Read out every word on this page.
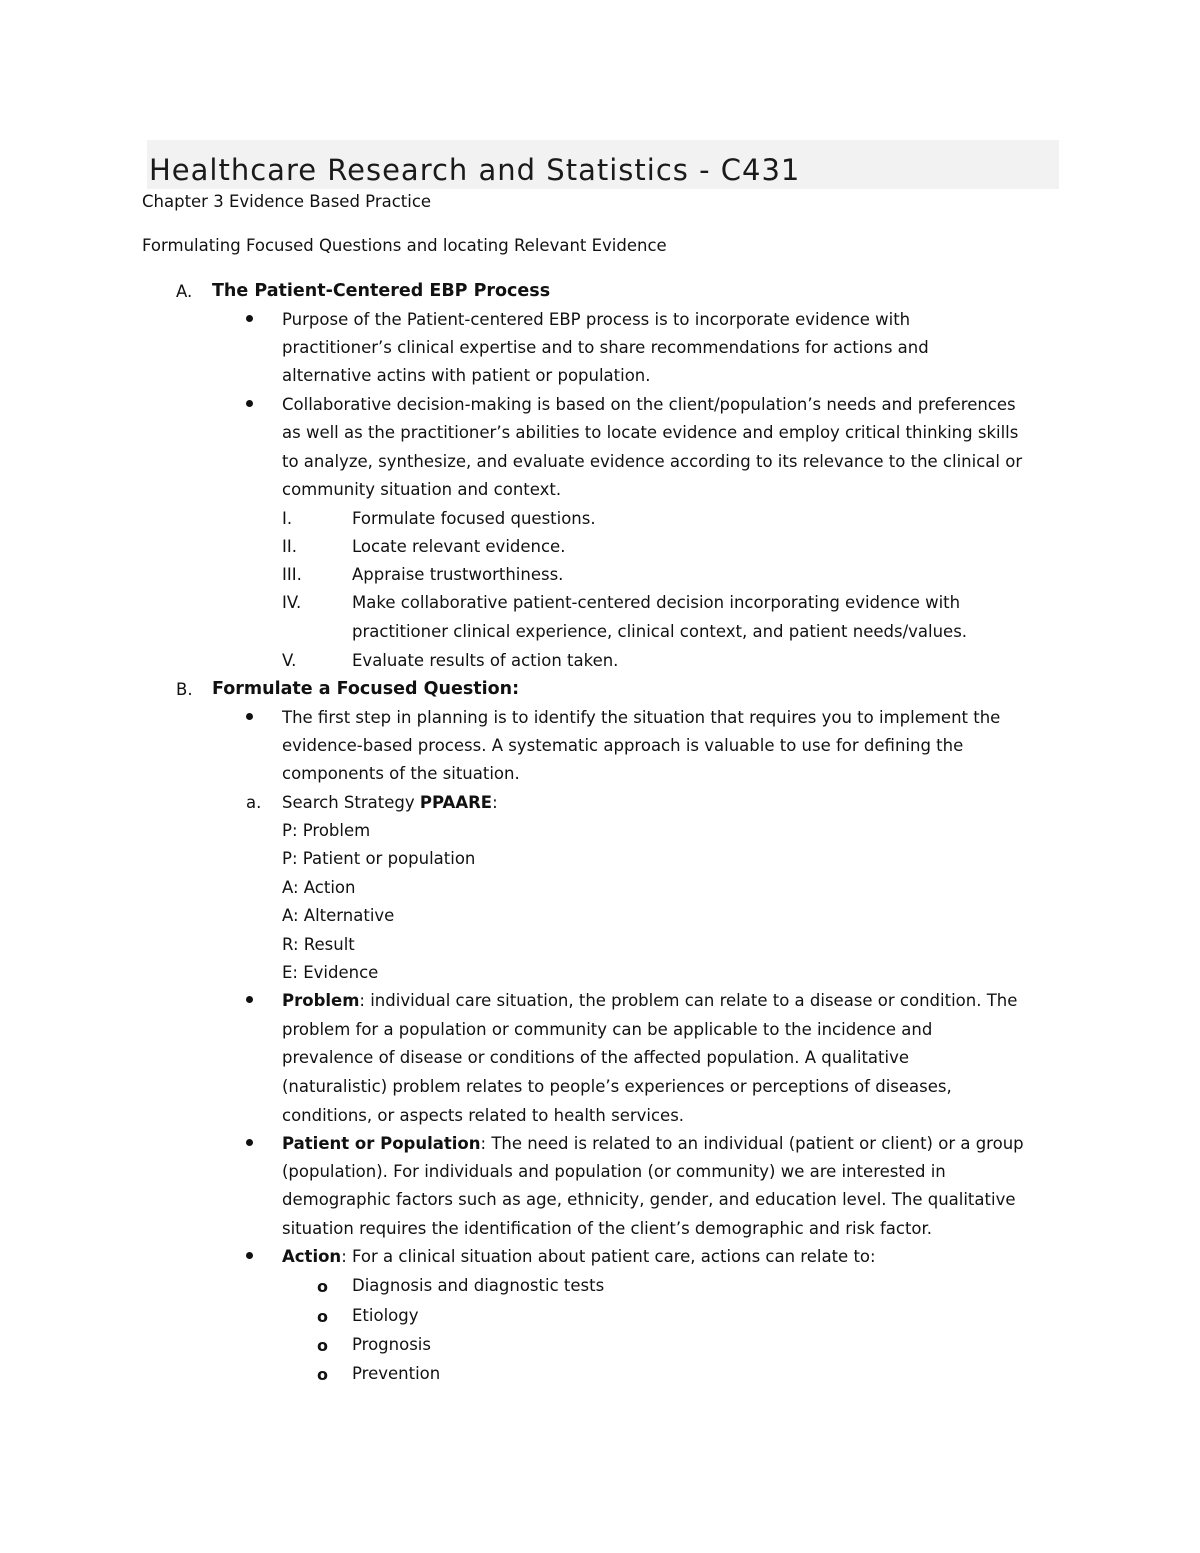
Healthcare Research and Statistics - C431
Chapter 3 Evidence Based Practice
Formulating Focused Questions and locating Relevant Evidence
A. The Patient-Centered EBP Process
Purpose of the Patient-centered EBP process is to incorporate evidence with
practitioner’s clinical expertise and to share recommendations for actions and
alternative actins with patient or population.
Collaborative decision-making is based on the client/population’s needs and preferences
as well as the practitioner’s abilities to locate evidence and employ critical thinking skills
to analyze, synthesize, and evaluate evidence according to its relevance to the clinical or
community situation and context.
I.	Formulate focused questions.
II.	Locate relevant evidence.
III.	Appraise trustworthiness.
IV.	Make collaborative patient-centered decision incorporating evidence with
practitioner clinical experience, clinical context, and patient needs/values.
V.	Evaluate results of action taken.
B. Formulate a Focused Question:
The first step in planning is to identify the situation that requires you to implement the
evidence-based process. A systematic approach is valuable to use for defining the
components of the situation.
a. Search Strategy PPAARE:
P: Problem
P: Patient or population
A: Action
A: Alternative
R: Result
E: Evidence
Problem: individual care situation, the problem can relate to a disease or condition. The
problem for a population or community can be applicable to the incidence and
prevalence of disease or conditions of the affected population. A qualitative
(naturalistic) problem relates to people’s experiences or perceptions of diseases,
conditions, or aspects related to health services.
Patient or Population: The need is related to an individual (patient or client) or a group
(population). For individuals and population (or community) we are interested in
demographic factors such as age, ethnicity, gender, and education level. The qualitative
situation requires the identification of the client’s demographic and risk factor.
Action: For a clinical situation about patient care, actions can relate to:
o Diagnosis and diagnostic tests
o Etiology
o Prognosis
o Prevention
